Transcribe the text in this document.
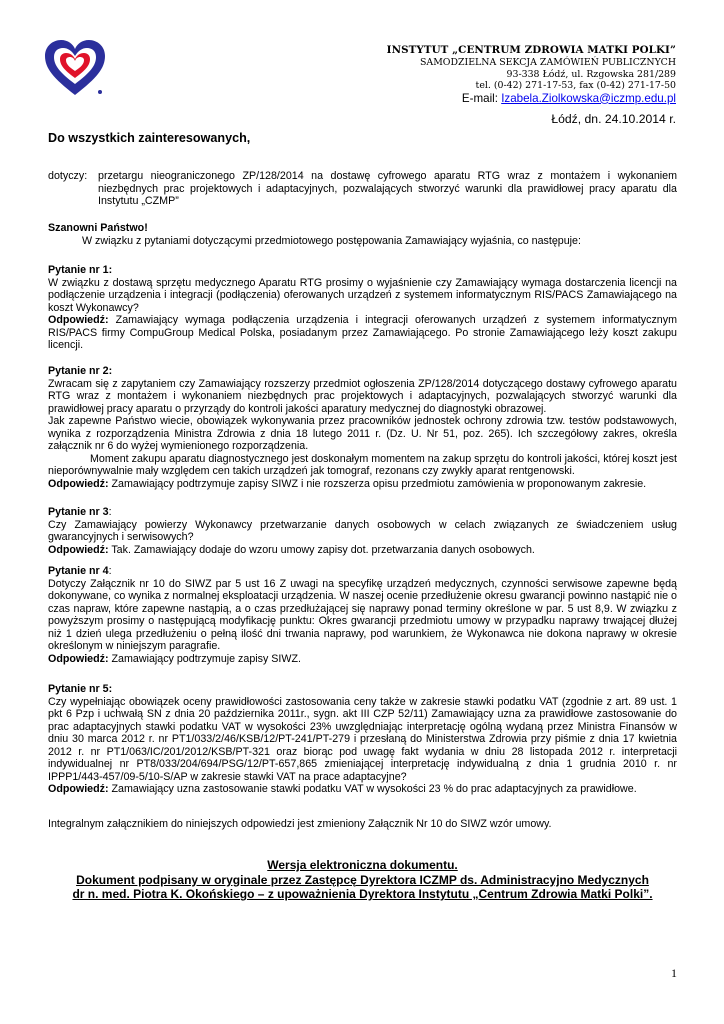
INSTYTUT „CENTRUM ZDROWIA MATKI POLKI”
SAMODZIELNA SEKCJA ZAMÓWIEŃ PUBLICZNYCH
93-338 Łódź, ul. Rzgowska 281/289
tel. (0-42) 271-17-53, fax (0-42) 271-17-50
E-mail: Izabela.Ziolkowska@iczmp.edu.pl
Łódź, dn. 24.10.2014 r.
Do wszystkich zainteresowanych,
dotyczy: przetargu nieograniczonego ZP/128/2014 na dostawę cyfrowego aparatu RTG wraz z montażem i wykonaniem niezbędnych prac projektowych i adaptacyjnych, pozwalających stworzyć warunki dla prawidłowej pracy aparatu dla Instytutu „CZMP”
Szanowni Państwo!
W związku z pytaniami dotyczącymi przedmiotowego postępowania Zamawiający wyjaśnia, co następuje:
Pytanie nr 1:
W związku z dostawą sprzętu medycznego Aparatu RTG prosimy o wyjaśnienie czy Zamawiający wymaga dostarczenia licencji na podłączenie urządzenia i integracji (podłączenia) oferowanych urządzeń z systemem informatycznym RIS/PACS Zamawiającego na koszt Wykonawcy?
Odpowiedź: Zamawiający wymaga podłączenia urządzenia i integracji oferowanych urządzeń z systemem informatycznym RIS/PACS firmy CompuGroup Medical Polska, posiadanym przez Zamawiającego. Po stronie Zamawiającego leży koszt zakupu licencji.
Pytanie nr 2:
Zwracam się z zapytaniem czy Zamawiający rozszerzy przedmiot ogłoszenia ZP/128/2014 dotyczącego dostawy cyfrowego aparatu RTG wraz z montażem i wykonaniem niezbędnych prac projektowych i adaptacyjnych, pozwalających stworzyć warunki dla prawidłowej pracy aparatu o przyrządy do kontroli jakości aparatury medycznej do diagnostyki obrazowej.
Jak zapewne Państwo wiecie, obowiązek wykonywania przez pracowników jednostek ochrony zdrowia tzw. testów podstawowych, wynika z rozporządzenia Ministra Zdrowia z dnia 18 lutego 2011 r. (Dz. U. Nr 51, poz. 265). Ich szczegółowy zakres, określa załącznik nr 6 do wyżej wymienionego rozporządzenia.
Moment zakupu aparatu diagnostycznego jest doskonałym momentem na zakup sprzętu do kontroli jakości, której koszt jest nieporównywalnie mały względem cen takich urządzeń jak tomograf, rezonans czy zwykły aparat rentgenowski.
Odpowiedź: Zamawiający podtrzymuje zapisy SIWZ i nie rozszerza opisu przedmiotu zamówienia w proponowanym zakresie.
Pytanie nr 3:
Czy Zamawiający powierzy Wykonawcy przetwarzanie danych osobowych w celach związanych ze świadczeniem usług gwarancyjnych i serwisowych?
Odpowiedź: Tak. Zamawiający dodaje do wzoru umowy zapisy dot. przetwarzania danych osobowych.
Pytanie nr 4:
Dotyczy Załącznik nr 10 do SIWZ par 5 ust 16 Z uwagi na specyfikę urządzeń medycznych, czynności serwisowe zapewne będą dokonywane, co wynika z normalnej eksploatacji urządzenia. W naszej ocenie przedłużenie okresu gwarancji powinno nastąpić nie o czas napraw, które zapewne nastąpią, a o czas przedłużającej się naprawy ponad terminy określone w par. 5 ust 8,9. W związku z powyższym prosimy o następującą modyfikację punktu: Okres gwarancji przedmiotu umowy w przypadku naprawy trwającej dłużej niż 1 dzień ulega przedłużeniu o pełną ilość dni trwania naprawy, pod warunkiem, że Wykonawca nie dokona naprawy w okresie określonym w niniejszym paragrafie.
Odpowiedź: Zamawiający podtrzymuje zapisy SIWZ.
Pytanie nr 5:
Czy wypełniając obowiązek oceny prawidłowości zastosowania ceny także w zakresie stawki podatku VAT (zgodnie z art. 89 ust. 1 pkt 6 Pzp i uchwałą SN z dnia 20 października 2011r., sygn. akt III CZP 52/11) Zamawiający uzna za prawidłowe zastosowanie do prac adaptacyjnych stawki podatku VAT w wysokości 23% uwzględniając interpretację ogólną wydaną przez Ministra Finansów w dniu 30 marca 2012 r. nr PT1/033/2/46/KSB/12/PT-241/PT-279 i przesłaną do Ministerstwa Zdrowia przy piśmie z dnia 17 kwietnia 2012 r. nr PT1/063/IC/201/2012/KSB/PT-321 oraz biorąc pod uwagę fakt wydania w dniu 28 listopada 2012 r. interpretacji indywidualnej nr PT8/033/204/694/PSG/12/PT-657,865 zmieniającej interpretację indywidualną z dnia 1 grudnia 2010 r. nr IPPP1/443-457/09-5/10-S/AP w zakresie stawki VAT na prace adaptacyjne?
Odpowiedź: Zamawiający uzna zastosowanie stawki podatku VAT w wysokości 23 % do prac adaptacyjnych za prawidłowe.
Integralnym załącznikiem do niniejszych odpowiedzi jest zmieniony Załącznik Nr 10 do SIWZ wzór umowy.
Wersja elektroniczna dokumentu.
Dokument podpisany w oryginale przez Zastępcę Dyrektora ICZMP ds. Administracyjno Medycznych
dr n. med. Piotra K. Okońskiego – z upoważnienia Dyrektora Instytutu „Centrum Zdrowia Matki Polki”.
1
